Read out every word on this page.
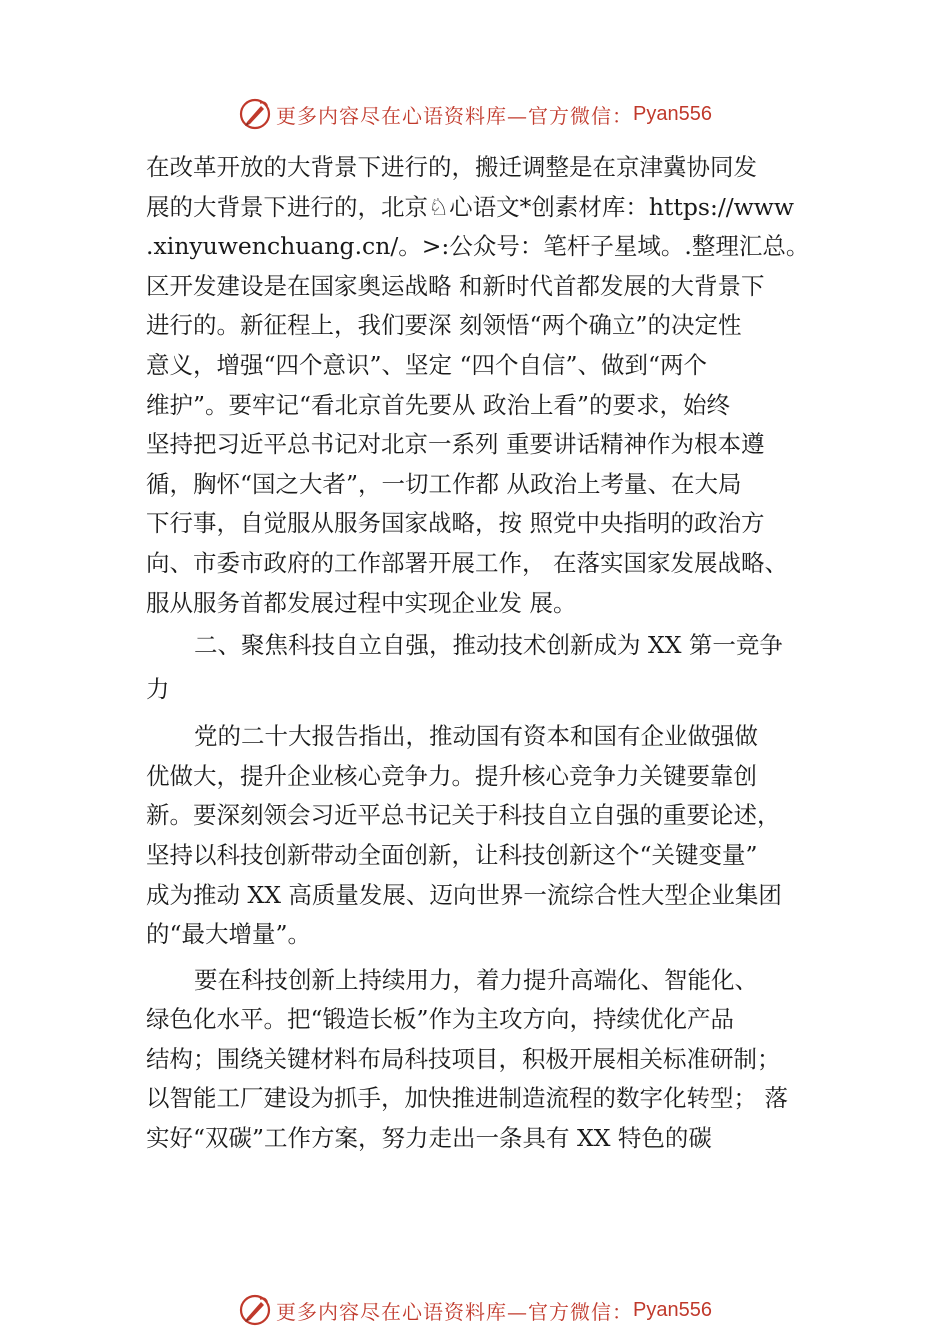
更多内容尽在心语资料库—官方微信： Pyan556
在改革开放的大背景下进行的，搬迁调整是在京津冀协同发
展的大背景下进行的，北京♘心语文*创素材库：https://www
.xinyuwenchuang.cn/。>:公众号：笔杆子星域。.整理汇总。
区开发建设是在国家奥运战略 和新时代首都发展的大背景下
进行的。新征程上，我们要深 刻领悟“两个确立”的决定性
意义，增强“四个意识”、坚定 “四个自信”、做到“两个
维护”。要牢记“看北京首先要从 政治上看”的要求，始终
坚持把习近平总书记对北京一系列 重要讲话精神作为根本遵
循，胸怀“国之大者”，一切工作都 从政治上考量、在大局
下行事，自觉服从服务国家战略，按 照党中央指明的政治方
向、市委市政府的工作部署开展工作， 在落实国家发展战略、
服从服务首都发展过程中实现企业发 展。
二、聚焦科技自立自强，推动技术创新成为 XX 第一竞争
力
党的二十大报告指出，推动国有资本和国有企业做强做
优做大，提升企业核心竞争力。提升核心竞争力关键要靠创
新。要深刻领会习近平总书记关于科技自立自强的重要论述，
坚持以科技创新带动全面创新，让科技创新这个“关键变量”
成为推动 XX 高质量发展、迈向世界一流综合性大型企业集团
的“最大增量”。
要在科技创新上持续用力，着力提升高端化、智能化、
绿色化水平。把“锻造长板”作为主攻方向，持续优化产品
结构；围绕关键材料布局科技项目，积极开展相关标准研制；
以智能工厂建设为抓手，加快推进制造流程的数字化转型； 落
实好“双碳”工作方案，努力走出一条具有 XX 特色的碳
更多内容尽在心语资料库—官方微信： Pyan556
